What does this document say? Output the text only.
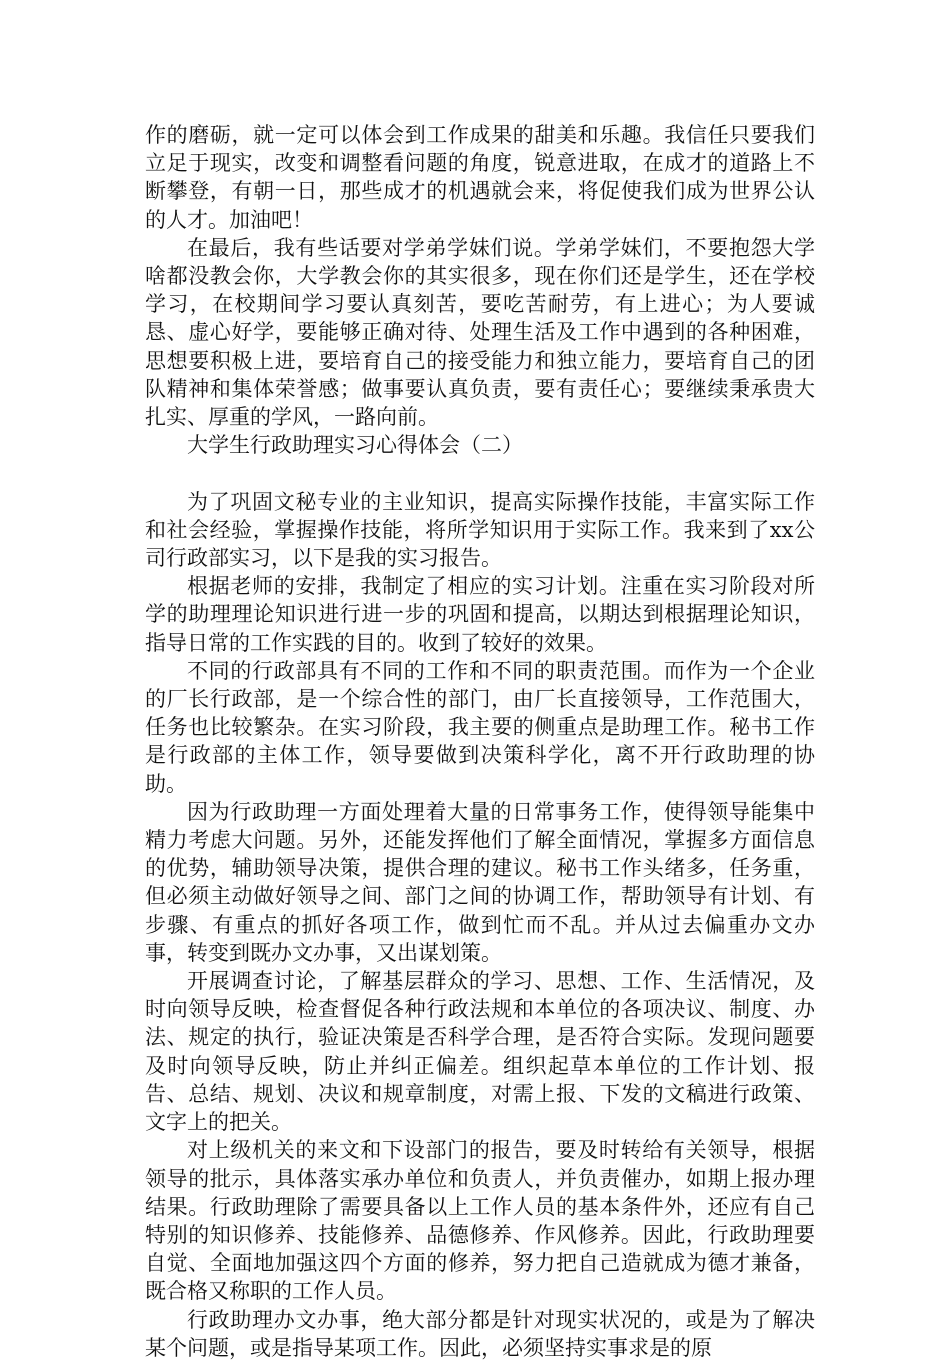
作的磨砺，就一定可以体会到工作成果的甜美和乐趣。我信任只要我们立足于现实，改变和调整看问题的角度，锐意进取，在成才的道路上不断攀登，有朝一日，那些成才的机遇就会来，将促使我们成为世界公认的人才。加油吧！

在最后，我有些话要对学弟学妹们说。学弟学妹们，不要抱怨大学啥都没教会你，大学教会你的其实很多，现在你们还是学生，还在学校学习，在校期间学习要认真刻苦，要吃苦耐劳，有上进心；为人要诚恳、虚心好学，要能够正确对待、处理生活及工作中遇到的各种困难，思想要积极上进，要培育自己的接受能力和独立能力，要培育自己的团队精神和集体荣誉感；做事要认真负责，要有责任心；要继续秉承贵大扎实、厚重的学风，一路向前。

大学生行政助理实习心得体会（二）

为了巩固文秘专业的主业知识，提高实际操作技能，丰富实际工作和社会经验，掌握操作技能，将所学知识用于实际工作。我来到了xx公司行政部实习，以下是我的实习报告。

根据老师的安排，我制定了相应的实习计划。注重在实习阶段对所学的助理理论知识进行进一步的巩固和提高，以期达到根据理论知识，指导日常的工作实践的目的。收到了较好的效果。

不同的行政部具有不同的工作和不同的职责范围。而作为一个企业的厂长行政部，是一个综合性的部门，由厂长直接领导，工作范围大，任务也比较繁杂。在实习阶段，我主要的侧重点是助理工作。秘书工作是行政部的主体工作，领导要做到决策科学化，离不开行政助理的协助。

因为行政助理一方面处理着大量的日常事务工作，使得领导能集中精力考虑大问题。另外，还能发挥他们了解全面情况，掌握多方面信息的优势，辅助领导决策，提供合理的建议。秘书工作头绪多，任务重，但必须主动做好领导之间、部门之间的协调工作，帮助领导有计划、有步骤、有重点的抓好各项工作，做到忙而不乱。并从过去偏重办文办事，转变到既办文办事，又出谋划策。

开展调查讨论，了解基层群众的学习、思想、工作、生活情况，及时向领导反映，检查督促各种行政法规和本单位的各项决议、制度、办法、规定的执行，验证决策是否科学合理，是否符合实际。发现问题要及时向领导反映，防止并纠正偏差。组织起草本单位的工作计划、报告、总结、规划、决议和规章制度，对需上报、下发的文稿进行政策、文字上的把关。

对上级机关的来文和下设部门的报告，要及时转给有关领导，根据领导的批示，具体落实承办单位和负责人，并负责催办，如期上报办理结果。行政助理除了需要具备以上工作人员的基本条件外，还应有自己特别的知识修养、技能修养、品德修养、作风修养。因此，行政助理要自觉、全面地加强这四个方面的修养，努力把自己造就成为德才兼备，既合格又称职的工作人员。

行政助理办文办事，绝大部分都是针对现实状况的，或是为了解决某个问题，或是指导某项工作。因此，必须坚持实事求是的原
